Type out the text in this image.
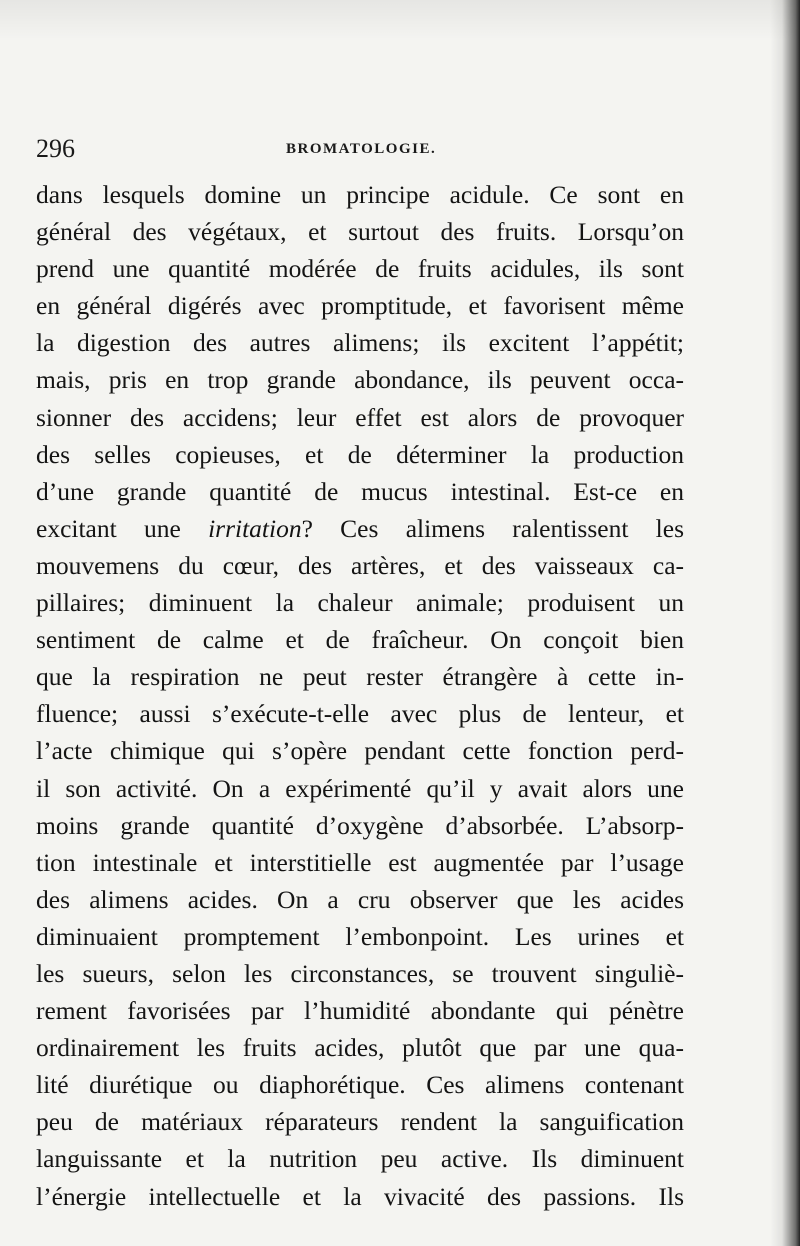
296	BROMATOLOGIE.
dans lesquels domine un principe acidule. Ce sont en
général des végétaux, et surtout des fruits. Lorsqu’on
prend une quantité modérée de fruits acidules, ils sont
en général digérés avec promptitude, et favorisent même
la digestion des autres alimens; ils excitent l’appétit;
mais, pris en trop grande abondance, ils peuvent occa-
sionner des accidens; leur effet est alors de provoquer
des selles copieuses, et de déterminer la production
d’une grande quantité de mucus intestinal. Est-ce en
excitant une irritation? Ces alimens ralentissent les
mouvemens du cœur, des artères, et des vaisseaux ca-
pillaires; diminuent la chaleur animale; produisent un
sentiment de calme et de fraîcheur. On conçoit bien
que la respiration ne peut rester étrangère à cette in-
fluence; aussi s’exécute-t-elle avec plus de lenteur, et
l’acte chimique qui s’opère pendant cette fonction perd-
il son activité. On a expérimenté qu’il y avait alors une
moins grande quantité d’oxygène d’absorbée. L’absorp-
tion intestinale et interstitielle est augmentée par l’usage
des alimens acides. On a cru observer que les acides
diminuaient promptement l’embonpoint. Les urines et
les sueurs, selon les circonstances, se trouvent singuliè-
rement favorisées par l’humidité abondante qui pénètre
ordinairement les fruits acides, plutôt que par une qua-
lité diurétique ou diaphorétique. Ces alimens contenant
peu de matériaux réparateurs rendent la sanguification
languissante et la nutrition peu active. Ils diminuent
l’énergie intellectuelle et la vivacité des passions. Ils
